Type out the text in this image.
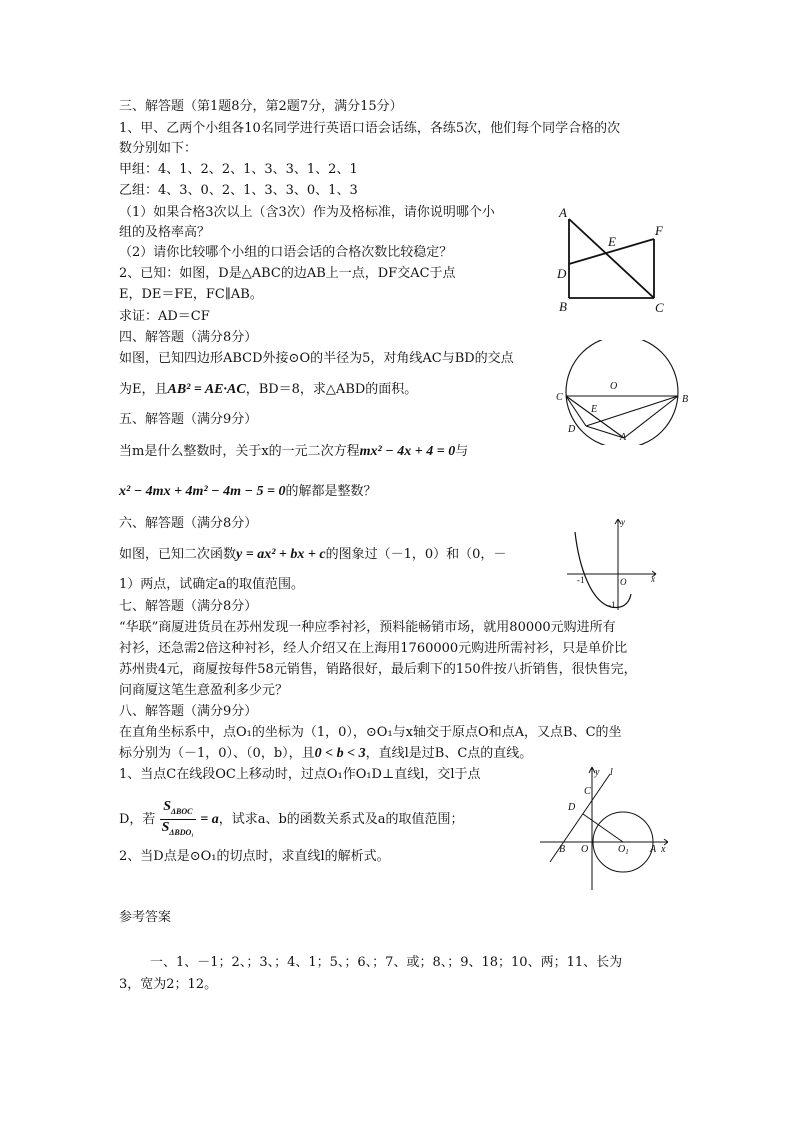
三、解答题（第1题8分，第2题7分，满分15分）
1、甲、乙两个小组各10名同学进行英语口语会话练，各练5次，他们每个同学合格的次
数分别如下：
甲组：4、1、2、2、1、3、3、1、2、1
乙组：4、3、0、2、1、3、3、0、1、3
（1）如果合格3次以上（含3次）作为及格标准，请你说明哪个小
组的及格率高？
（2）请你比较哪个小组的口语会话的合格次数比较稳定？
2、已知：如图，D是△ABC的边AB上一点，DF交AC于点
E，DE＝FE，FC∥AB。
求证：AD＝CF
四、解答题（满分8分）
如图，已知四边形ABCD外接⊙O的半径为5，对角线AC与BD的交点
为E，且AB² = AE·AC，BD＝8，求△ABD的面积。
五、解答题（满分9分）
当m是什么整数时，关于x的一元二次方程mx² − 4x + 4 = 0与
x² − 4mx + 4m² − 4m − 5 = 0的解都是整数？
六、解答题（满分8分）
如图，已知二次函数y = ax² + bx + c的图象过（－1，0）和（0，－
1）两点，试确定a的取值范围。
七、解答题（满分8分）
“华联”商厦进货员在苏州发现一种应季衬衫，预料能畅销市场，就用80000元购进所有
衬衫，还急需2倍这种衬衫，经人介绍又在上海用1760000元购进所需衬衫，只是单价比
苏州贵4元，商厦按每件58元销售，销路很好，最后剩下的150件按八折销售，很快售完，
问商厦这笔生意盈利多少元？
八、解答题（满分9分）
在直角坐标系中，点O₁的坐标为（1，0），⊙O₁与x轴交于原点O和点A，又点B、C的坐
标分别为（－1，0）、（0，b），且0 < b < 3，直线l是过B、C点的直线。
1、当点C在线段OC上移动时，过点O₁作O₁D⊥直线l，交l于点
D，若
$S_{\Delta BOC}$
$S_{\Delta BDO_1}$
= a，试求a、b的函数关系式及a的取值范围；
2、当D点是⊙O₁的切点时，求直线l的解析式。
参考答案
一、1、－1；2、；3、；4、1；5、；6、；7、或；8、；9、18；10、两；11、长为
3，宽为2；12。
A
B	C
D
E
F
O
C	B
E
D
A
y
x
-1	O
-1
y l
C
D
B O	$O_1$ A x
